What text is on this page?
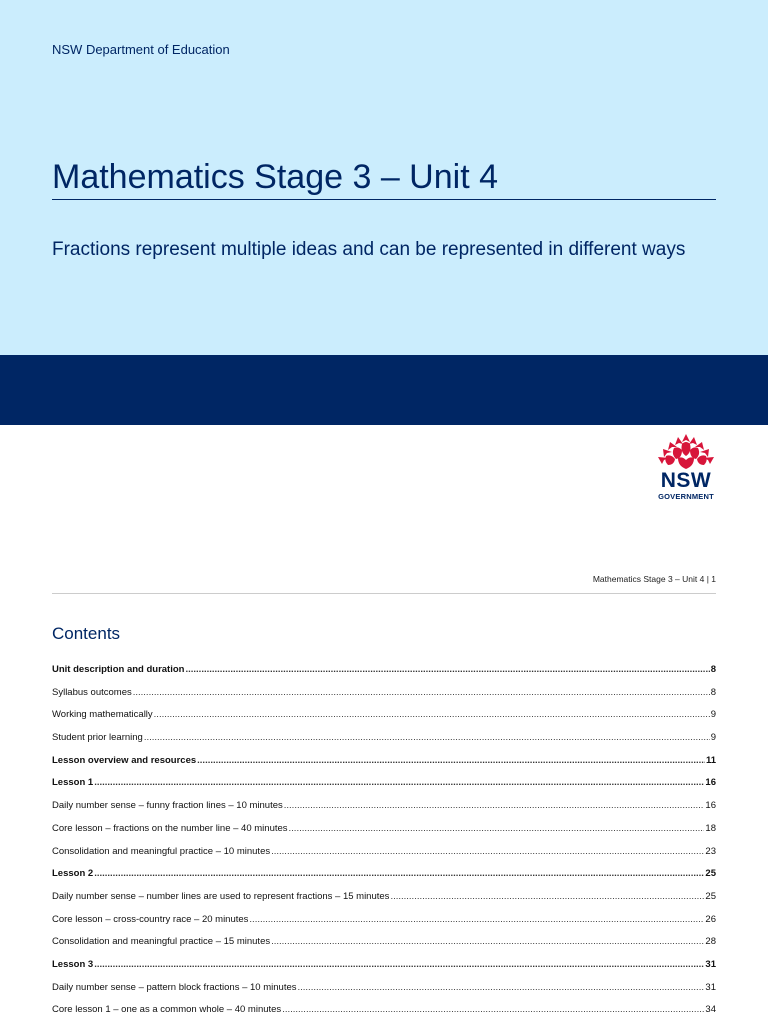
NSW Department of Education
Mathematics Stage 3 – Unit 4
Fractions represent multiple ideas and can be represented in different ways
NSW
GOVERNMENT
Mathematics Stage 3 – Unit 4 | 1
Contents
Unit description and duration .....	8
Syllabus outcomes .....	8
Working mathematically .....	9
Student prior learning .....	9
Lesson overview and resources .....	11
Lesson 1 .....	16
Daily number sense – funny fraction lines – 10 minutes .....	16
Core lesson – fractions on the number line – 40 minutes .....	18
Consolidation and meaningful practice – 10 minutes .....	23
Lesson 2 .....	25
Daily number sense – number lines are used to represent fractions – 15 minutes .....	25
Core lesson – cross-country race – 20 minutes .....	26
Consolidation and meaningful practice – 15 minutes .....	28
Lesson 3 .....	31
Daily number sense – pattern block fractions – 10 minutes .....	31
Core lesson 1 – one as a common whole – 40 minutes .....	34
